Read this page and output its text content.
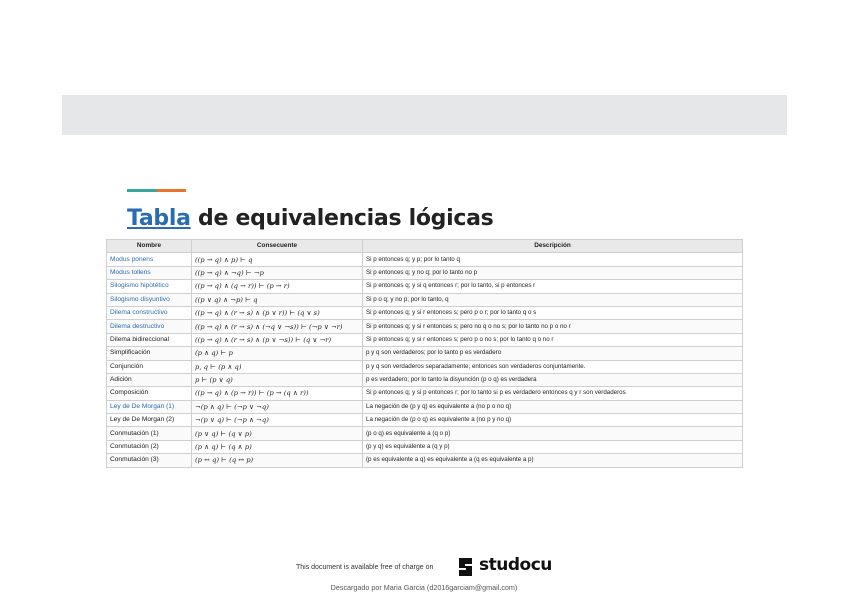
Tabla de equivalencias lógicas
Nombre	Consecuente	Descripción
Modus ponens	((p → q) ∧ p) ⊢ q	Si p entonces q; y p; por lo tanto q
Modus tollens	((p → q) ∧ ¬q) ⊢ ¬p	Si p entonces q; y no q; por lo tanto no p
Silogismo hipotético	((p → q) ∧ (q → r)) ⊢ (p → r)	Si p entonces q; y si q entonces r; por lo tanto, si p entonces r
Silogismo disyuntivo	((p ∨ q) ∧ ¬p) ⊢ q	Si p o q; y no p; por lo tanto, q
Dilema constructivo	((p → q) ∧ (r → s) ∧ (p ∨ r)) ⊢ (q ∨ s)	Si p entonces q; y si r entonces s; pero p o r; por lo tanto q o s
Dilema destructivo	((p → q) ∧ (r → s) ∧ (¬q ∨ ¬s)) ⊢ (¬p ∨ ¬r)	Si p entonces q; y si r entonces s; pero no q o no s; por lo tanto no p o no r
Dilema bidireccional	((p → q) ∧ (r → s) ∧ (p ∨ ¬s)) ⊢ (q ∨ ¬r)	Si p entonces q; y si r entonces s; pero p o no s; por lo tanto q o no r
Simplificación	(p ∧ q) ⊢ p	p y q son verdaderos; por lo tanto p es verdadero
Conjunción	p, q ⊢ (p ∧ q)	p y q son verdaderos separadamente; entonces son verdaderos conjuntamente.
Adición	p ⊢ (p ∨ q)	p es verdadero; por lo tanto la disyunción (p o q) es verdadera
Composición	((p → q) ∧ (p → r)) ⊢ (p → (q ∧ r))	Si p entonces q; y si p entonces r; por lo tanto si p es verdadero entonces q y r son verdaderos
Ley de De Morgan (1)	¬(p ∧ q) ⊢ (¬p ∨ ¬q)	La negación de (p y q) es equivalente a (no p o no q)
Ley de De Morgan (2)	¬(p ∨ q) ⊢ (¬p ∧ ¬q)	La negación de (p o q) es equivalente a (no p y no q)
Conmutación (1)	(p ∨ q) ⊢ (q ∨ p)	(p o q) es equivalente a (q o p)
Conmutación (2)	(p ∧ q) ⊢ (q ∧ p)	(p y q) es equivalente a (q y p)
Conmutación (3)	(p ↔ q) ⊢ (q ↔ p)	(p es equivalente a q) es equivalente a (q es equivalente a p)
This document is available free of charge on	studocu
Descargado por Maria Garcia (d2016garciam@gmail.com)
